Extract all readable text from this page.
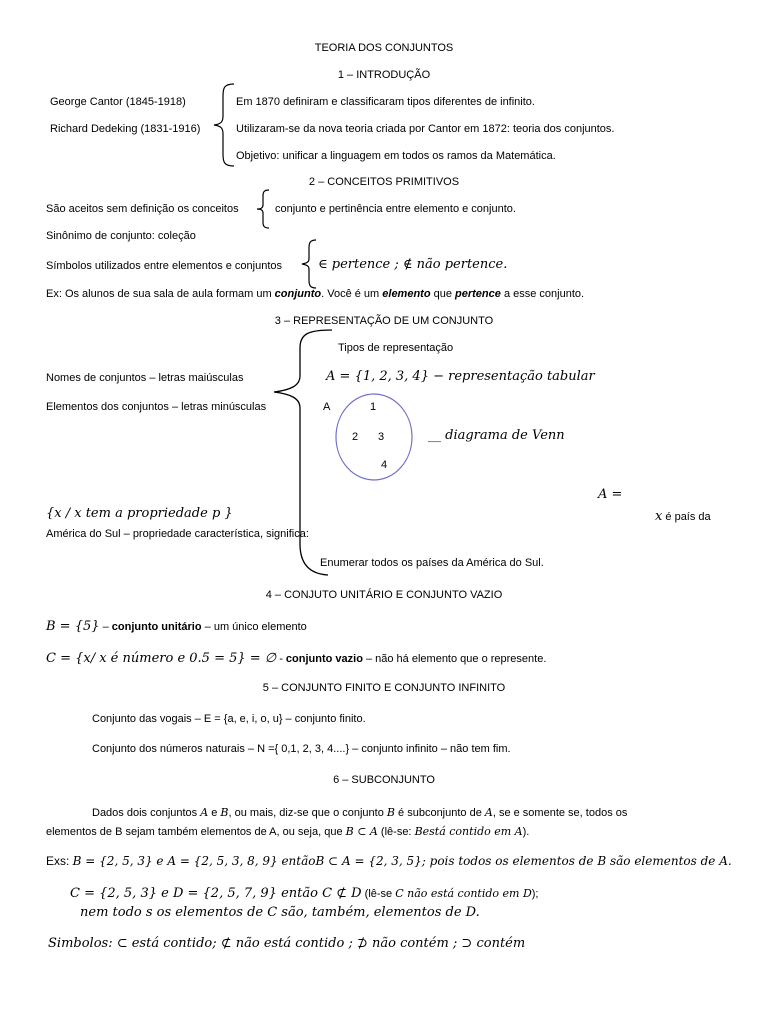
TEORIA DOS CONJUNTOS
1 – INTRODUÇÃO
George Cantor (1845-1918)
Richard Dedeking (1831-1916)
Em 1870 definiram e classificaram tipos diferentes de infinito.
Utilizaram-se da nova teoria criada por Cantor em 1872: teoria dos conjuntos.
Objetivo: unificar a linguagem em todos os ramos da Matemática.
2 – CONCEITOS PRIMITIVOS
São aceitos sem definição os conceitos	conjunto e pertinência entre elemento e conjunto.
Sinônimo de conjunto: coleção
Símbolos utilizados entre elementos e conjuntos	∈ pertence ; ∉ não pertence.
Ex: Os alunos de sua sala de aula formam um conjunto. Você é um elemento que pertence a esse conjunto.
3 – REPRESENTAÇÃO DE UM CONJUNTO
Tipos de representação
Nomes de conjuntos – letras maiúsculas	A = {1, 2, 3, 4} − representação tabular
Elementos dos conjuntos – letras minúsculas	A	1
2 3
4
__ diagrama de Venn
A =
{x / x tem a propriedade p }	x é país da
América do Sul – propriedade característica, significa:
Enumerar todos os países da América do Sul.
4 – CONJUTO UNITÁRIO E CONJUNTO VAZIO
B = {5} – conjunto unitário – um único elemento
C = {x/ x é número e 0.5 = 5} = ∅ - conjunto vazio – não há elemento que o represente.
5 – CONJUNTO FINITO E CONJUNTO INFINITO
Conjunto das vogais – E = {a, e, i, o, u} – conjunto finito.
Conjunto dos números naturais – N ={ 0,1, 2, 3, 4....} – conjunto infinito – não tem fim.
6 – SUBCONJUNTO
Dados dois conjuntos A e B, ou mais, diz-se que o conjunto B é subconjunto de A, se e somente se, todos os
elementos de B sejam também elementos de A, ou seja, que B ⊂ A (lê-se: Bestá contido em A).
Exs: B = {2, 5, 3} e A = {2, 5, 3, 8, 9} entãoB ⊂ A = {2, 3, 5}; pois todos os elementos de B são elementos de A.
C = {2, 5, 3} e D = {2, 5, 7, 9} então C ⊄ D (lê-se C não está contido em D);
nem todo s os elementos de C são, também, elementos de D.
Simbolos: ⊂ está contido; ⊄ não está contido ; ⊅ não contém ; ⊃ contém
